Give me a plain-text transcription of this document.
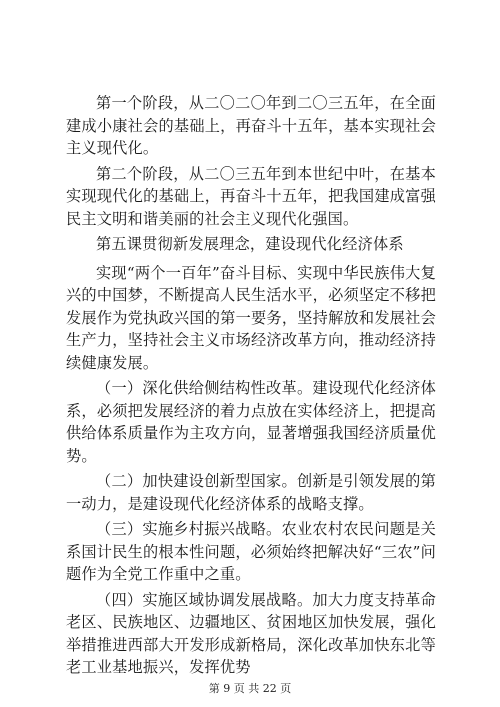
第一个阶段，从二〇二〇年到二〇三五年，在全面建成小康社会的基础上，再奋斗十五年，基本实现社会主义现代化。

第二个阶段，从二〇三五年到本世纪中叶，在基本实现现代化的基础上，再奋斗十五年，把我国建成富强民主文明和谐美丽的社会主义现代化强国。

第五课贯彻新发展理念，建设现代化经济体系

实现“两个一百年”奋斗目标、实现中华民族伟大复兴的中国梦，不断提高人民生活水平，必须坚定不移把发展作为党执政兴国的第一要务，坚持解放和发展社会生产力，坚持社会主义市场经济改革方向，推动经济持续健康发展。

（一）深化供给侧结构性改革。建设现代化经济体系，必须把发展经济的着力点放在实体经济上，把提高供给体系质量作为主攻方向，显著增强我国经济质量优势。

（二）加快建设创新型国家。创新是引领发展的第一动力，是建设现代化经济体系的战略支撑。

（三）实施乡村振兴战略。农业农村农民问题是关系国计民生的根本性问题，必须始终把解决好“三农”问题作为全党工作重中之重。

（四）实施区域协调发展战略。加大力度支持革命老区、民族地区、边疆地区、贫困地区加快发展，强化举措推进西部大开发形成新格局，深化改革加快东北等老工业基地振兴，发挥优势

第 9 页 共 22 页
